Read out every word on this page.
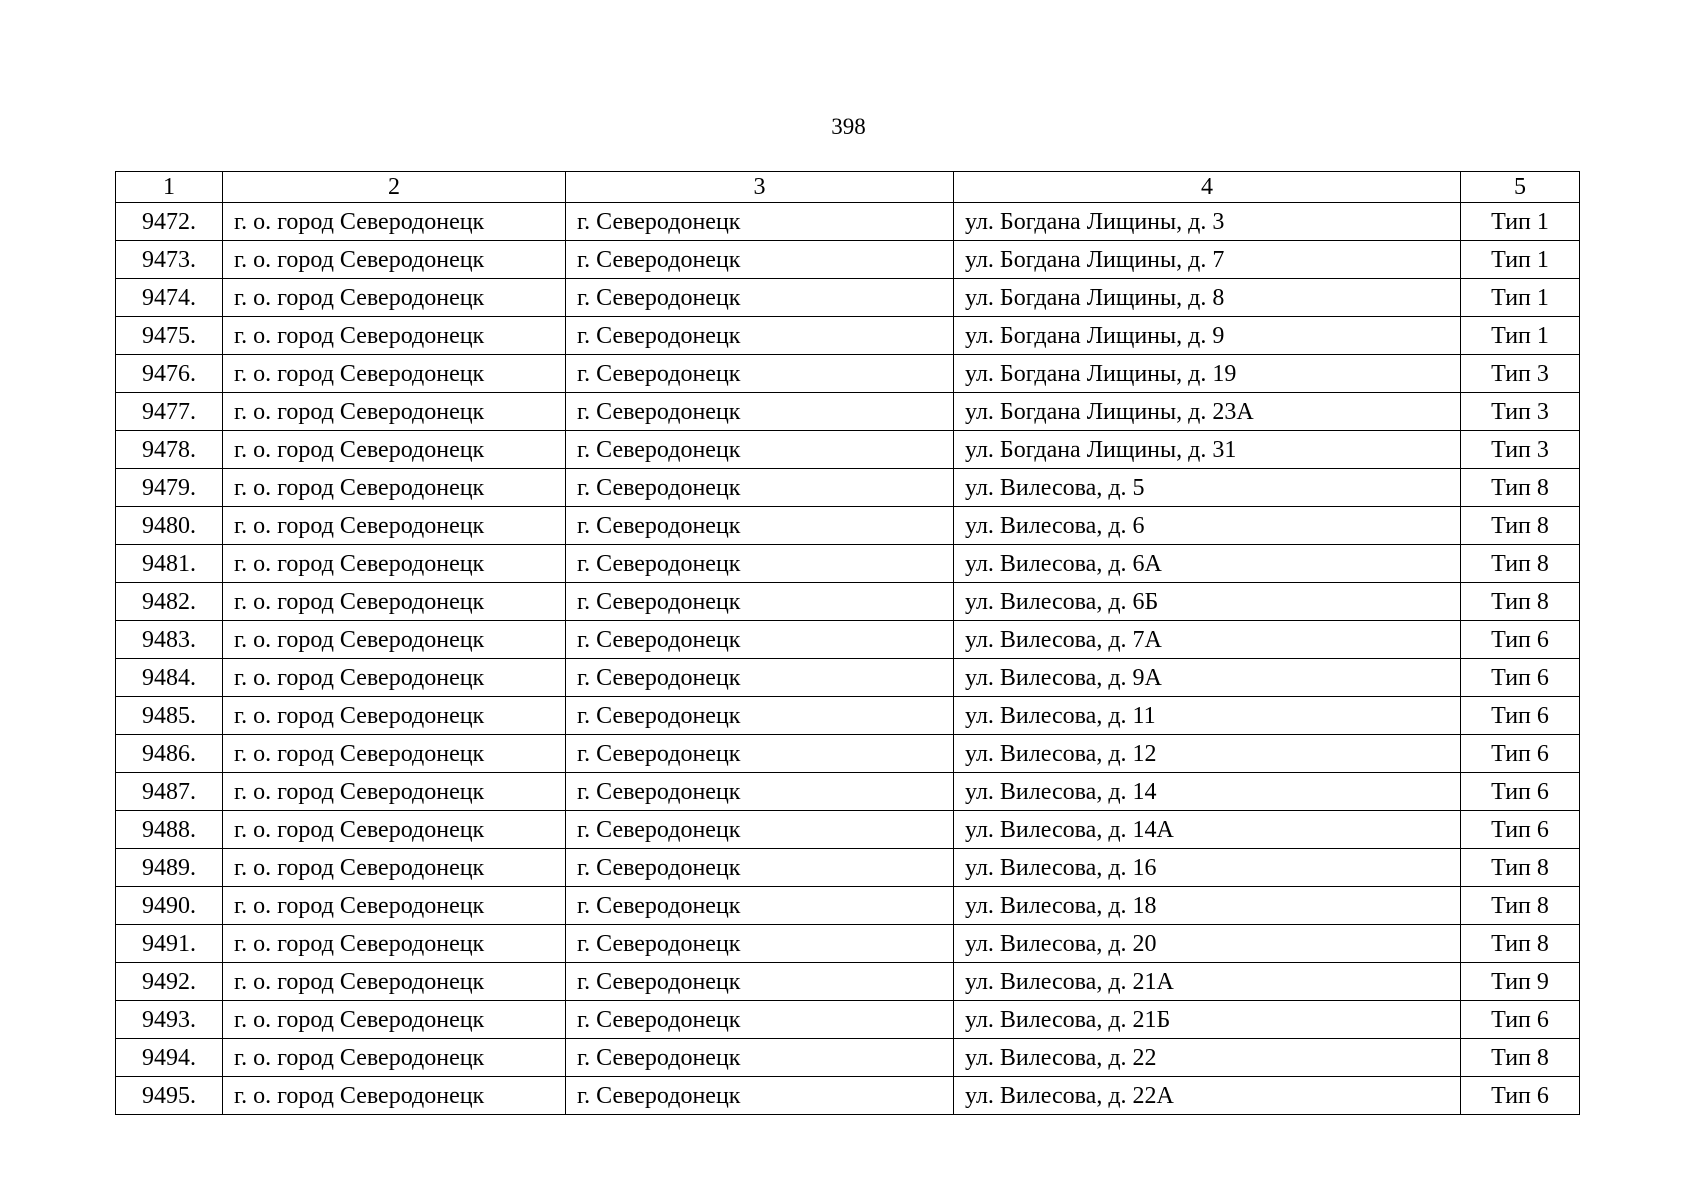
398
1	2	3	4	5
9472.	г. о. город Северодонецк	г. Северодонецк	ул. Богдана Лищины, д. 3	Тип 1
9473.	г. о. город Северодонецк	г. Северодонецк	ул. Богдана Лищины, д. 7	Тип 1
9474.	г. о. город Северодонецк	г. Северодонецк	ул. Богдана Лищины, д. 8	Тип 1
9475.	г. о. город Северодонецк	г. Северодонецк	ул. Богдана Лищины, д. 9	Тип 1
9476.	г. о. город Северодонецк	г. Северодонецк	ул. Богдана Лищины, д. 19	Тип 3
9477.	г. о. город Северодонецк	г. Северодонецк	ул. Богдана Лищины, д. 23А	Тип 3
9478.	г. о. город Северодонецк	г. Северодонецк	ул. Богдана Лищины, д. 31	Тип 3
9479.	г. о. город Северодонецк	г. Северодонецк	ул. Вилесова, д. 5	Тип 8
9480.	г. о. город Северодонецк	г. Северодонецк	ул. Вилесова, д. 6	Тип 8
9481.	г. о. город Северодонецк	г. Северодонецк	ул. Вилесова, д. 6А	Тип 8
9482.	г. о. город Северодонецк	г. Северодонецк	ул. Вилесова, д. 6Б	Тип 8
9483.	г. о. город Северодонецк	г. Северодонецк	ул. Вилесова, д. 7А	Тип 6
9484.	г. о. город Северодонецк	г. Северодонецк	ул. Вилесова, д. 9А	Тип 6
9485.	г. о. город Северодонецк	г. Северодонецк	ул. Вилесова, д. 11	Тип 6
9486.	г. о. город Северодонецк	г. Северодонецк	ул. Вилесова, д. 12	Тип 6
9487.	г. о. город Северодонецк	г. Северодонецк	ул. Вилесова, д. 14	Тип 6
9488.	г. о. город Северодонецк	г. Северодонецк	ул. Вилесова, д. 14А	Тип 6
9489.	г. о. город Северодонецк	г. Северодонецк	ул. Вилесова, д. 16	Тип 8
9490.	г. о. город Северодонецк	г. Северодонецк	ул. Вилесова, д. 18	Тип 8
9491.	г. о. город Северодонецк	г. Северодонецк	ул. Вилесова, д. 20	Тип 8
9492.	г. о. город Северодонецк	г. Северодонецк	ул. Вилесова, д. 21А	Тип 9
9493.	г. о. город Северодонецк	г. Северодонецк	ул. Вилесова, д. 21Б	Тип 6
9494.	г. о. город Северодонецк	г. Северодонецк	ул. Вилесова, д. 22	Тип 8
9495.	г. о. город Северодонецк	г. Северодонецк	ул. Вилесова, д. 22А	Тип 6
